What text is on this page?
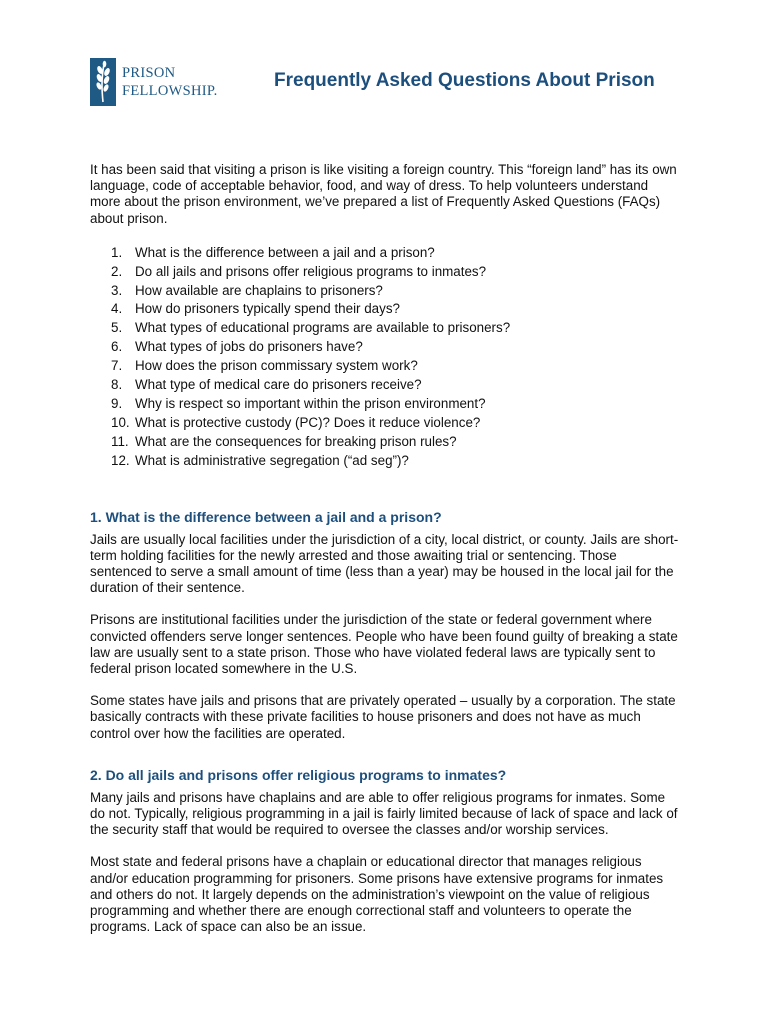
PRISON
FELLOWSHIP.	Frequently Asked Questions About Prison

It has been said that visiting a prison is like visiting a foreign country. This “foreign land” has its own language, code of acceptable behavior, food, and way of dress. To help volunteers understand more about the prison environment, we’ve prepared a list of Frequently Asked Questions (FAQs) about prison.

1. What is the difference between a jail and a prison?
2. Do all jails and prisons offer religious programs to inmates?
3. How available are chaplains to prisoners?
4. How do prisoners typically spend their days?
5. What types of educational programs are available to prisoners?
6. What types of jobs do prisoners have?
7. How does the prison commissary system work?
8. What type of medical care do prisoners receive?
9. Why is respect so important within the prison environment?
10. What is protective custody (PC)? Does it reduce violence?
11. What are the consequences for breaking prison rules?
12. What is administrative segregation (“ad seg”)?
1. What is the difference between a jail and a prison?

Jails are usually local facilities under the jurisdiction of a city, local district, or county. Jails are short-term holding facilities for the newly arrested and those awaiting trial or sentencing. Those sentenced to serve a small amount of time (less than a year) may be housed in the local jail for the duration of their sentence.

Prisons are institutional facilities under the jurisdiction of the state or federal government where convicted offenders serve longer sentences. People who have been found guilty of breaking a state law are usually sent to a state prison. Those who have violated federal laws are typically sent to federal prison located somewhere in the U.S.

Some states have jails and prisons that are privately operated – usually by a corporation. The state basically contracts with these private facilities to house prisoners and does not have as much control over how the facilities are operated.

2. Do all jails and prisons offer religious programs to inmates?

Many jails and prisons have chaplains and are able to offer religious programs for inmates. Some do not. Typically, religious programming in a jail is fairly limited because of lack of space and lack of the security staff that would be required to oversee the classes and/or worship services.

Most state and federal prisons have a chaplain or educational director that manages religious and/or education programming for prisoners. Some prisons have extensive programs for inmates and others do not. It largely depends on the administration’s viewpoint on the value of religious programming and whether there are enough correctional staff and volunteers to operate the programs. Lack of space can also be an issue.
